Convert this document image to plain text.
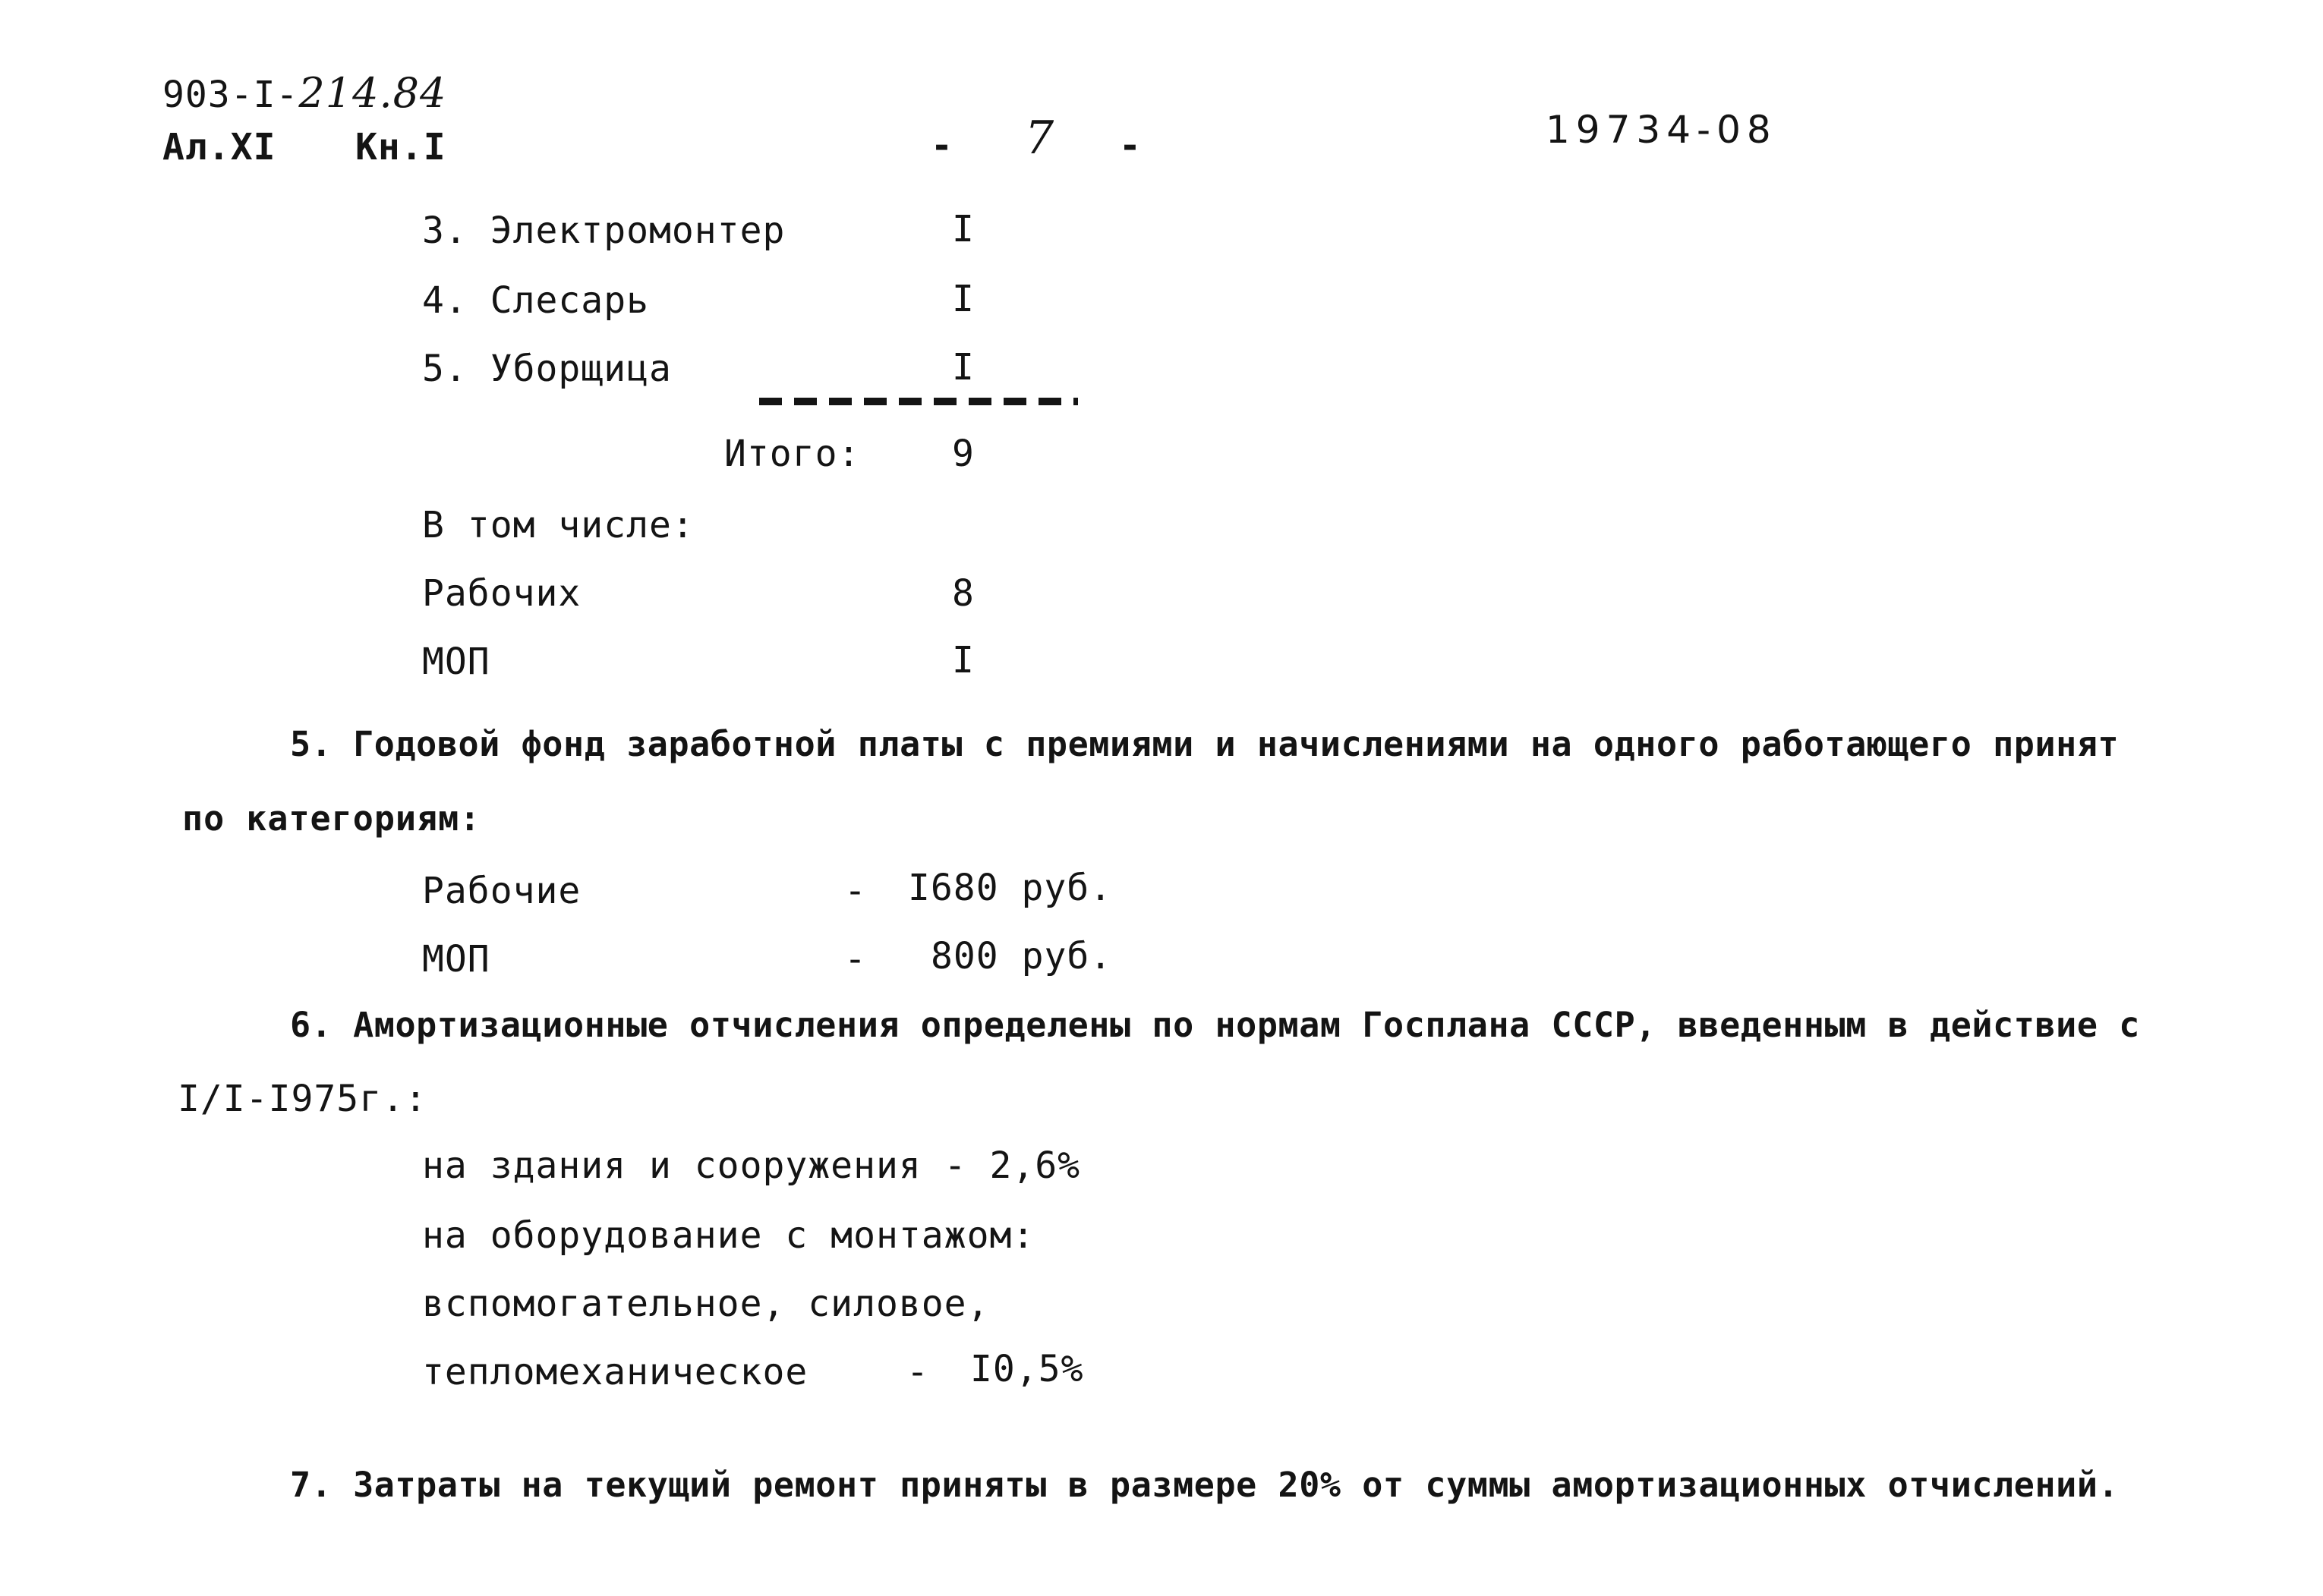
903-I-214.84
Ал.XI Кн.I	- 7 -	19734-08
3. Электромонтер	I
4. Слесарь	I
5. Уборщица	I
Итого:	9
В том числе:
Рабочих	8
МОП	I
5. Годовой фонд заработной платы с премиями и начислениями на одного работающего принят
по категориям:
Рабочие	- I680 руб.
МОП	- 800 руб.
6. Амортизационные отчисления определены по нормам Госплана СССР, введенным в действие с
I/I-I975г.:
на здания и сооружения - 2,6%
на оборудование с монтажом:
вспомогательное, силовое,
тепломеханическое	- I0,5%
7. Затраты на текущий ремонт приняты в размере 20% от суммы амортизационных отчислений.
